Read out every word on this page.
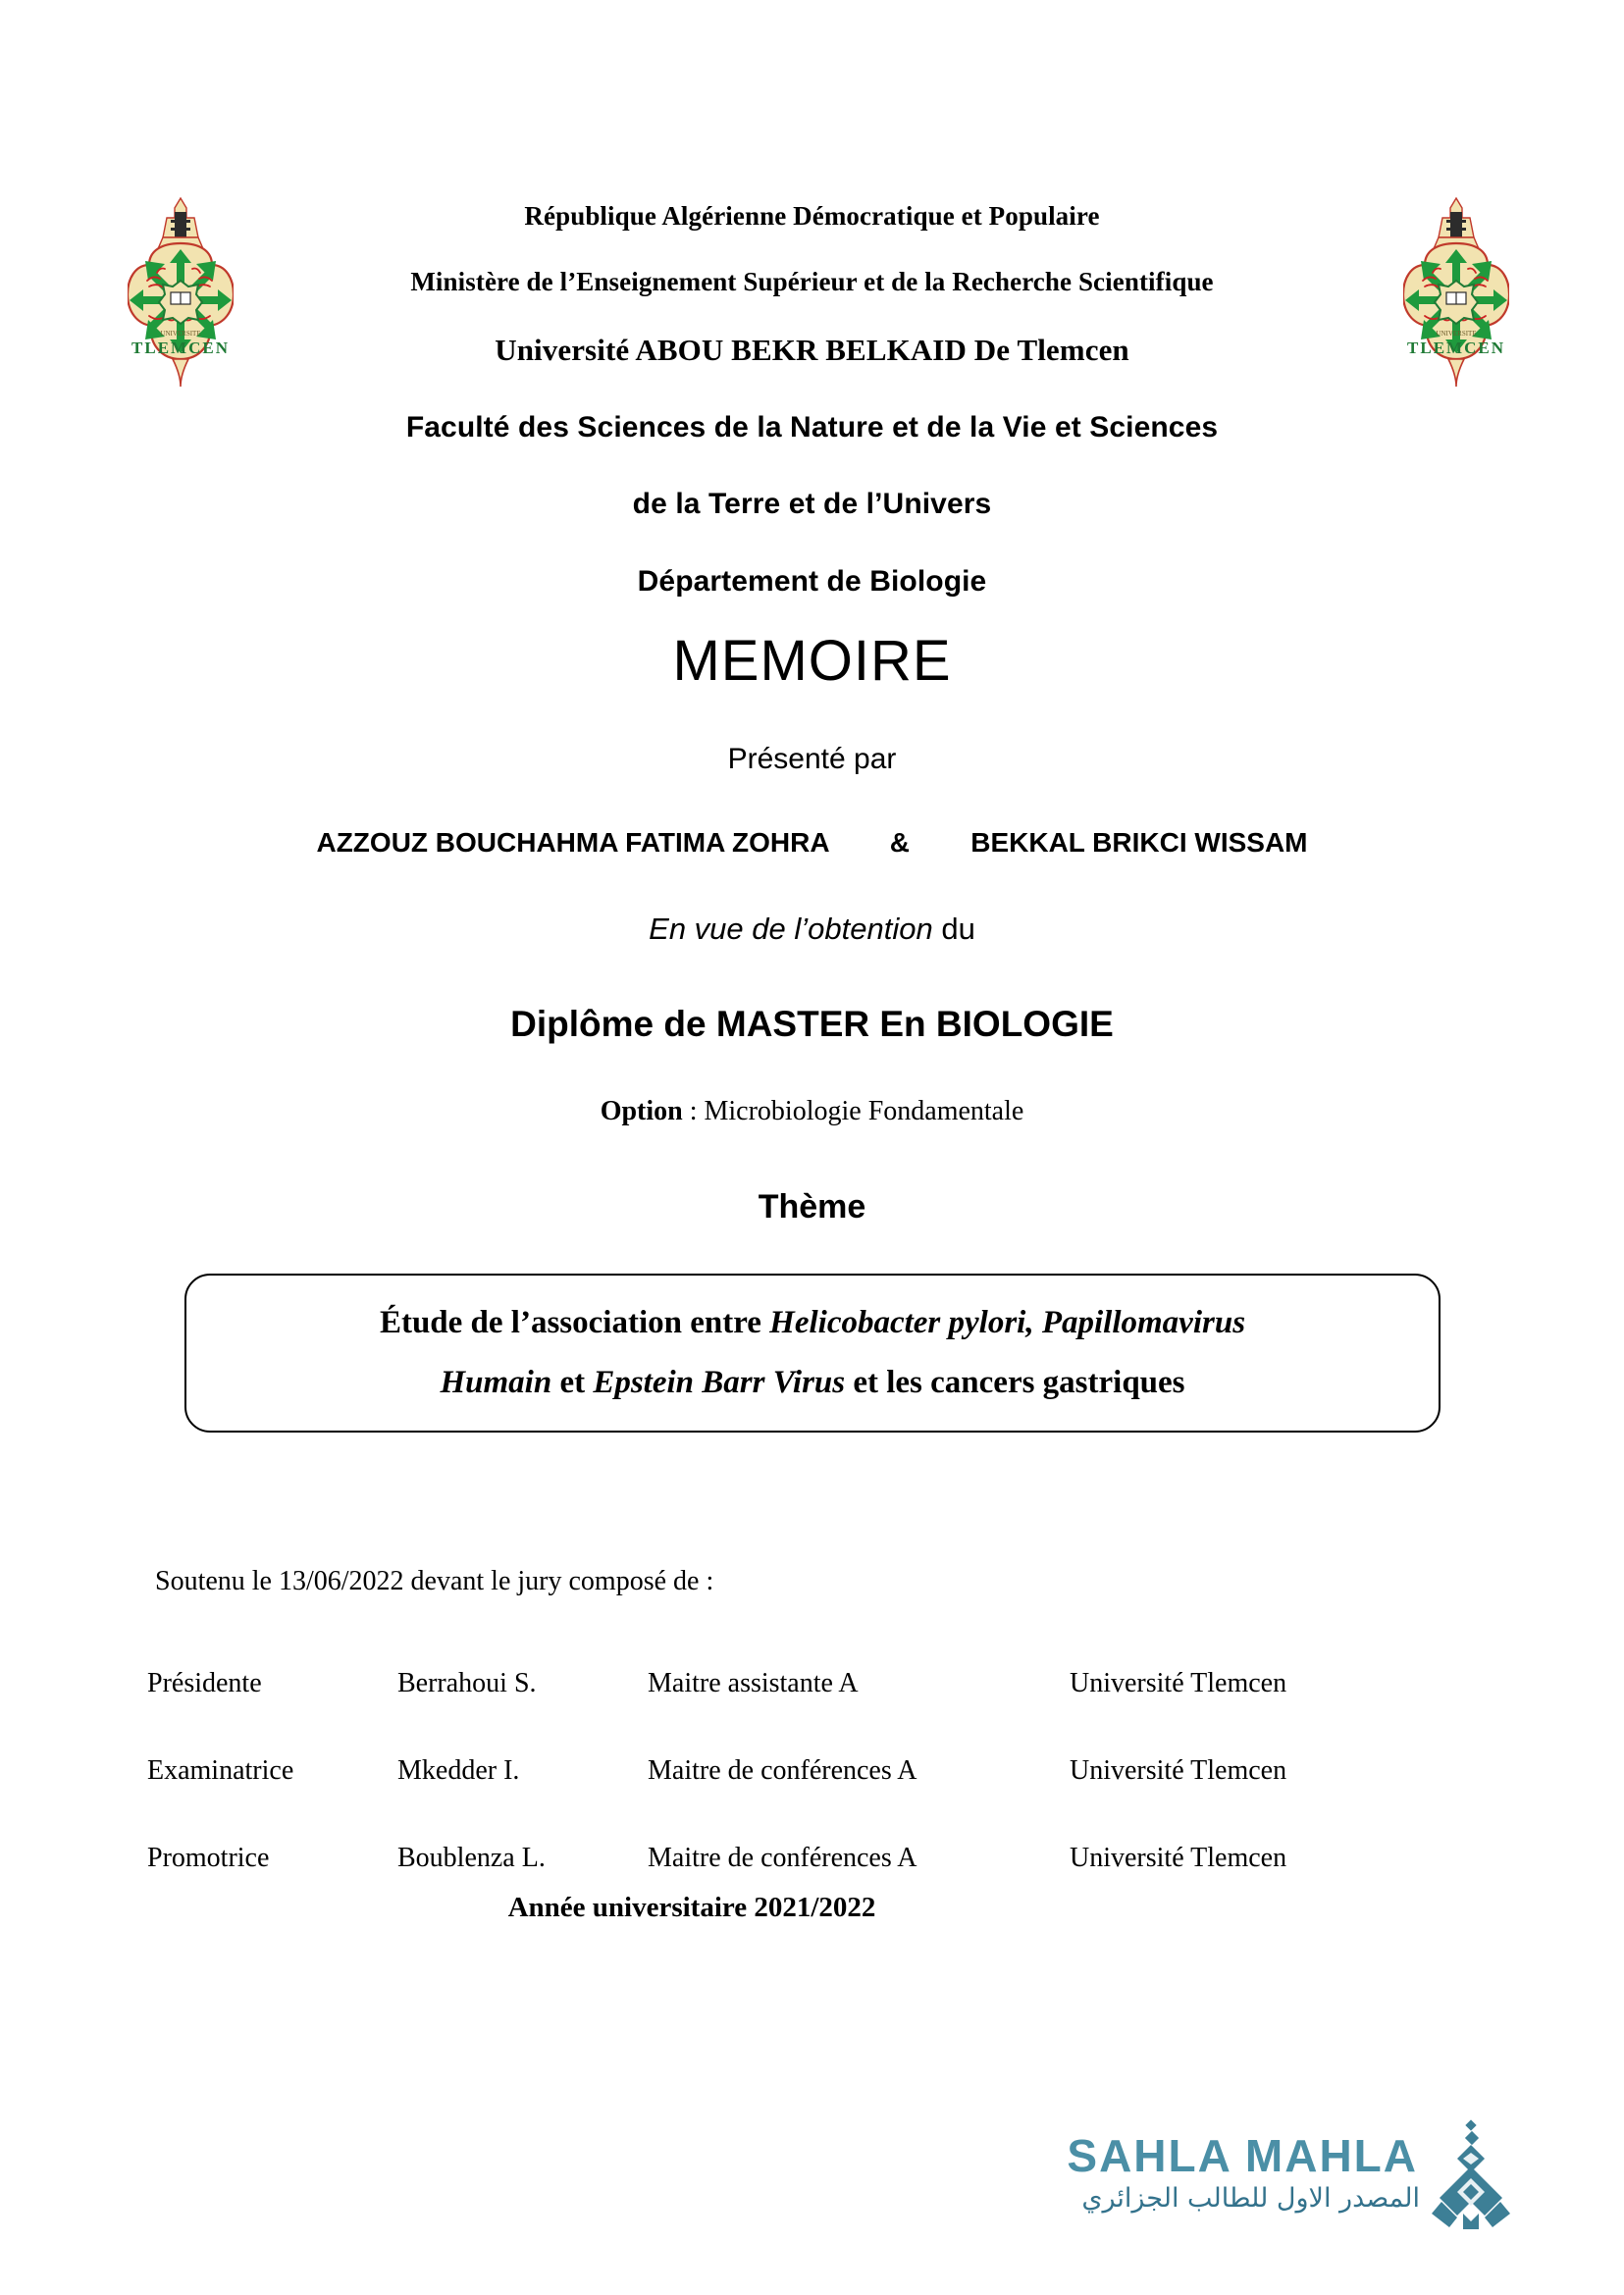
UNIVERSITE
TLEMCEN
UNIVERSITE
TLEMCEN
République Algérienne Démocratique et Populaire
Ministère de l’Enseignement Supérieur et de la Recherche Scientifique
Université ABOU BEKR BELKAID De Tlemcen
Faculté des Sciences de la Nature et de la Vie et Sciences
de la Terre et de l’Univers
Département de Biologie
MEMOIRE
Présenté par
AZZOUZ BOUCHAHMA FATIMA ZOHRA        &        BEKKAL BRIKCI WISSAM
En vue de l’obtention du
Diplôme de MASTER En BIOLOGIE
Option : Microbiologie Fondamentale
Thème
Étude de l’association entre Helicobacter pylori, Papillomavirus
Humain et Epstein Barr Virus et les cancers gastriques
Soutenu le 13/06/2022 devant le jury composé de :
Présidente	Berrahoui S.	Maitre assistante A	Université Tlemcen
Examinatrice	Mkedder I.	Maitre de conférences A	Université Tlemcen
Promotrice	Boublenza L.	Maitre de conférences A	Université Tlemcen
Année universitaire 2021/2022
SAHLA MAHLA
المصدر الاول للطالب الجزائري
